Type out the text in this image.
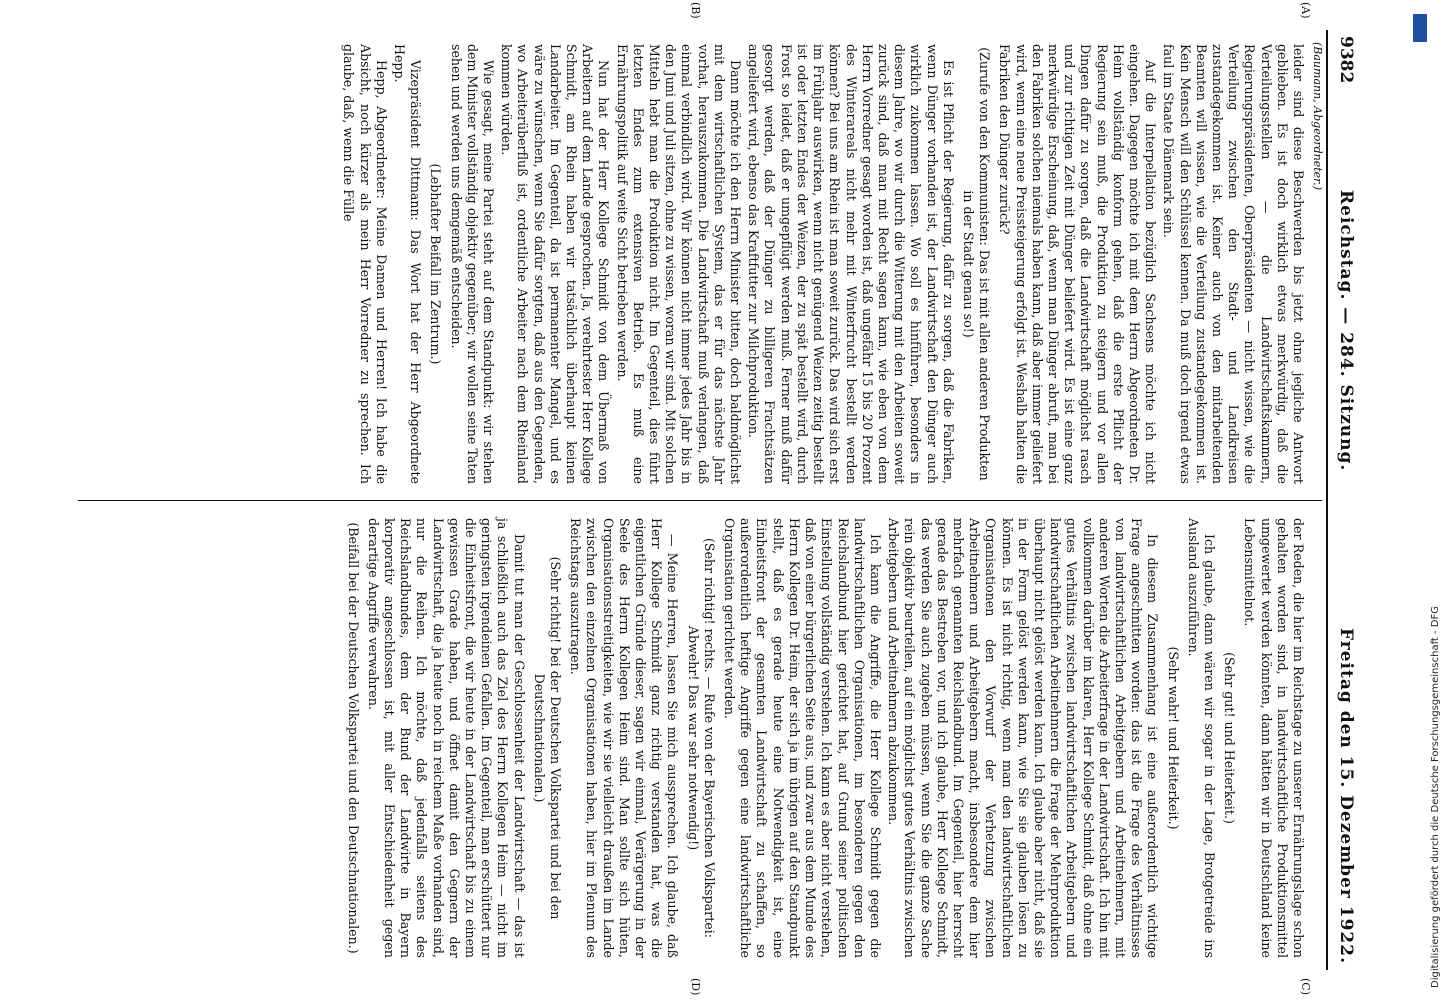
9382
Reichstag. — 284. Sitzung.
Freitag den 15. Dezember 1922.
(Baumann, Abgeordneter.)
(A)
(B)
(C)
(D)

leider sind diese Beschwerden bis jetzt ohne jegliche Antwort geblieben. Es ist doch wirklich etwas merkwürdig, daß die Verteilungsstellen — die Landwirtschaftskammern, Regierungspräsidenten, Oberpräsidenten — nicht wissen, wie die Verteilung zwischen den Stadt- und Landkreisen zustandegekommen ist. Keiner auch von den mitarbeitenden Beamten will wissen, wie die Verteilung zustandegekommen ist. Kein Mensch will den Schlüssel kennen. Da muß doch irgend etwas faul im Staate Dänemark sein.

Auf die Interpellation bezüglich Sachsens möchte ich nicht eingehen. Dagegen möchte ich mit dem Herrn Abgeordneten Dr. Heim vollständig konform gehen, daß die erste Pflicht der Regierung sein muß, die Produktion zu steigern und vor allen Dingen dafür zu sorgen, daß die Landwirtschaft möglichst rasch und zur richtigen Zeit mit Dünger beliefert wird. Es ist eine ganz merkwürdige Erscheinung, daß, wenn man Dünger abruft, man bei den Fabriken solchen niemals haben kann, daß aber immer geliefert wird, wenn eine neue Preissteigerung erfolgt ist. Weshalb halten die Fabriken den Dünger zurück?

(Zurufe von den Kommunisten: Das ist mit allen anderen Produkten in der Stadt genau so!)

Es ist Pflicht der Regierung, dafür zu sorgen, daß die Fabriken, wenn Dünger vorhanden ist, der Landwirtschaft den Dünger auch wirklich zukommen lassen. Wo soll es hinführen, besonders in diesem Jahre, wo wir durch die Witterung mit den Arbeiten soweit zurück sind, daß man mit Recht sagen kann, wie eben von dem Herrn Vorredner gesagt worden ist, daß ungefähr 15 bis 20 Prozent des Winterareals nicht mehr mit Winterfrucht bestellt werden können? Bei uns am Rhein ist man soweit zurück. Das wird sich erst im Frühjahr auswirken, wenn nicht genügend Weizen zeitig bestellt ist oder letzten Endes der Weizen, der zu spät bestellt wird, durch Frost so leidet, daß er umgepflügt werden muß. Ferner muß dafür gesorgt werden, daß der Dünger zu billigeren Frachtsätzen angeliefert wird, ebenso das Kraftfutter zur Milchproduktion.

Dann möchte ich den Herrn Minister bitten, doch baldmöglichst mit dem wirtschaftlichen System, das er für das nächste Jahr vorhat, herauszukommen. Die Landwirtschaft muß verlangen, daß einmal verbindlich wird. Wir können nicht immer jedes Jahr bis in den Juni und Juli sitzen, ohne zu wissen, woran wir sind. Mit solchen Mitteln hebt man die Produktion nicht. Im Gegenteil, dies führt letzten Endes zum extensiven Betrieb. Es muß eine Ernährungspolitik auf weite Sicht betrieben werden.

Nun hat der Herr Kollege Schmidt von dem Übermaß von Arbeitern auf dem Lande gesprochen. Ja, verehrtester Herr Kollege Schmidt, am Rhein haben wir tatsächlich überhaupt keinen Landarbeiter. Im Gegenteil, da ist permanenter Mangel, und es wäre zu wünschen, wenn Sie dafür sorgten, daß aus den Gegenden, wo Arbeiterüberfluß ist, ordentliche Arbeiter nach dem Rheinland kommen würden.

Wie gesagt, meine Partei steht auf dem Standpunkt: wir stehen dem Minister vollständig objektiv gegenüber; wir wollen seine Taten sehen und werden uns demgemäß entscheiden.

(Lebhafter Beifall im Zentrum.)

Vizepräsident Dittmann: Das Wort hat der Herr Abgeordnete Hepp.

Hepp, Abgeordneter: Meine Damen und Herren! Ich habe die Absicht, noch kürzer als mein Herr Vorredner zu sprechen. Ich glaube, daß, wenn die Fülle

der Reden, die hier im Reichstage zu unserer Ernährungslage schon gehalten worden sind, in landwirtschaftliche Produktionsmittel umgewertet werden könnten, dann hätten wir in Deutschland keine Lebensmittelnot.

(Sehr gut! und Heiterkeit.)

Ich glaube, dann wären wir sogar in der Lage, Brotgetreide ins Ausland auszuführen.

(Sehr wahr! und Heiterkeit.)

In diesem Zusammenhang ist eine außerordentlich wichtige Frage angeschnitten worden: das ist die Frage des Verhältnisses von landwirtschaftlichen Arbeitgebern und Arbeitnehmern, mit anderen Worten die Arbeiterfrage in der Landwirtschaft. Ich bin mit vollkommen darüber im klaren, Herr Kollege Schmidt, daß ohne ein gutes Verhältnis zwischen landwirtschaftlichen Arbeitgebern und landwirtschaftlichen Arbeitnehmern die Frage der Mehrproduktion überhaupt nicht gelöst werden kann. Ich glaube aber nicht, daß sie in der Form gelöst werden kann, wie Sie sie glauben lösen zu können. Es ist nicht richtig, wenn man den landwirtschaftlichen Organisationen den Vorwurf der Verhetzung zwischen Arbeitnehmern und Arbeitgebern macht, insbesondere dem hier mehrfach genannten Reichslandbund. Im Gegenteil, hier herrscht gerade das Bestreben vor, und ich glaube, Herr Kollege Schmidt, das werden Sie auch zugeben müssen, wenn Sie die ganze Sache rein objektiv beurteilen, auf ein möglichst gutes Verhältnis zwischen Arbeitgebern und Arbeitnehmern abzukommen.

Ich kann die Angriffe, die Herr Kollege Schmidt gegen die landwirtschaftlichen Organisationen, im besonderen gegen den Reichslandbund hier gerichtet hat, auf Grund seiner politischen Einstellung vollständig verstehen. Ich kann es aber nicht verstehen, daß von einer bürgerlichen Seite aus, und zwar aus dem Munde des Herrn Kollegen Dr. Heim, der sich ja im übrigen auf den Standpunkt stellt, daß es gerade heute eine Notwendigkeit ist, eine Einheitsfront der gesamten Landwirtschaft zu schaffen, so außerordentlich heftige Angriffe gegen eine landwirtschaftliche Organisation gerichtet werden.

(Sehr richtig! rechts. — Rufe von der Bayerischen Volkspartei: Abwehr! Das war sehr notwendig!)

— Meine Herren, lassen Sie mich aussprechen. Ich glaube, daß Herr Kollege Schmidt ganz richtig verstanden hat, was die eigentlichen Gründe dieser, sagen wir einmal, Verärgerung in der Seele des Herrn Kollegen Heim sind. Man sollte sich hüten, Organisationsstreitigkeiten, wie wir sie vielleicht draußen im Lande zwischen den einzelnen Organisationen haben, hier im Plenum des Reichstags auszutragen.

(Sehr richtig! bei der Deutschen Volkspartei und bei den Deutschnationalen.)

Damit tut man der Geschlossenheit der Landwirtschaft — das ist ja schließlich auch das Ziel des Herrn Kollegen Heim — nicht im geringsten irgendeinen Gefallen. Im Gegenteil, man erschüttert nur die Einheitsfront, die wir heute in der Landwirtschaft bis zu einem gewissen Grade haben, und öffnet damit den Gegnern der Landwirtschaft, die ja heute noch in reichem Maße vorhanden sind, nur die Reihen. Ich möchte, daß jedenfalls seitens des Reichslandbundes, dem der Bund der Landwirte in Bayern korporativ angeschlossen ist, mit aller Entschiedenheit gegen derartige Angriffe verwahren.

(Beifall bei der Deutschen Volkspartei und den Deutschnationalen.)	Digitalisierung gefördert durch die Deutsche Forschungsgemeinschaft - DFG
